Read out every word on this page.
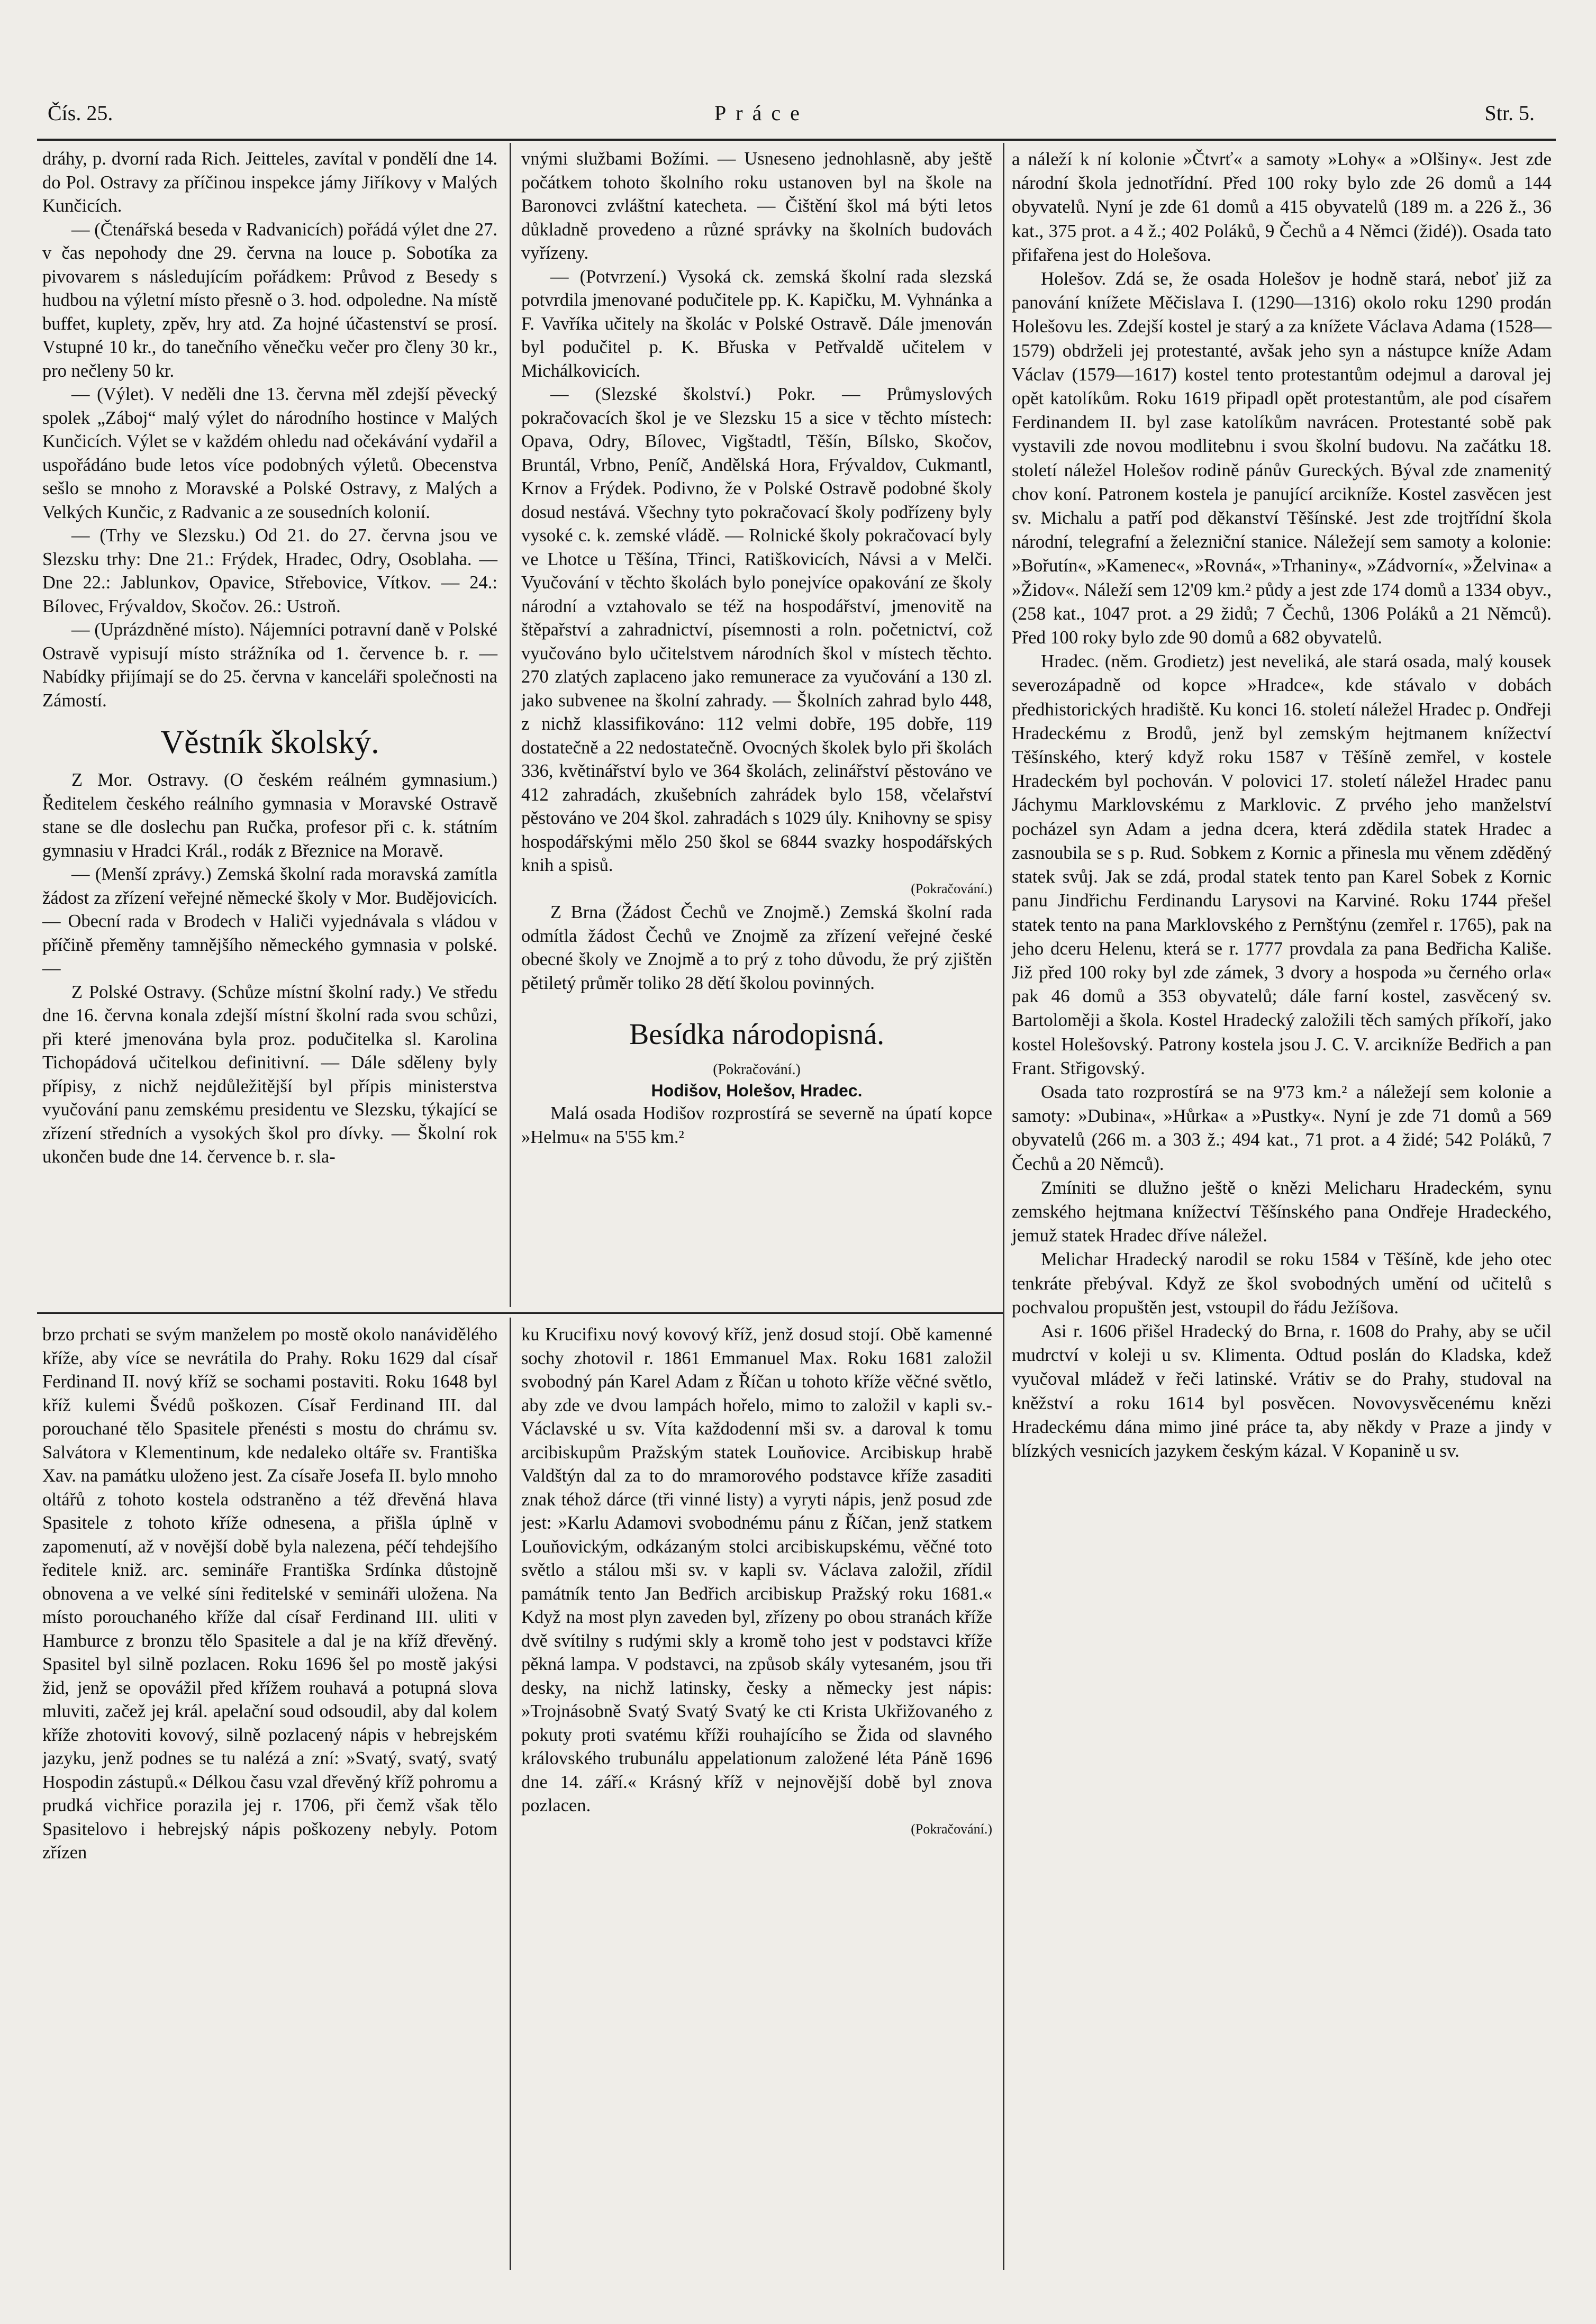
Čís. 25.	Práce	Str. 5.

dráhy, p. dvorní rada Rich. Jeitteles, zavítal v pondělí dne 14. do Pol. Ostravy za příčinou inspekce jámy Jiříkovy v Malých Kunčicích.

— (Čtenářská beseda v Radvanicích) pořádá výlet dne 27. v čas nepohody dne 29. června na louce p. Sobotíka za pivovarem s následujícím pořádkem: Průvod z Besedy s hudbou na výletní místo přesně o 3. hod. odpoledne. Na místě buffet, kuplety, zpěv, hry atd. Za hojné účastenství se prosí. Vstupné 10 kr., do tanečního věnečku večer pro členy 30 kr., pro nečleny 50 kr.

— (Výlet). V neděli dne 13. června měl zdejší pěvecký spolek „Záboj“ malý výlet do národního hostince v Malých Kunčicích. Výlet se v každém ohledu nad očekávání vydařil a uspořádáno bude letos více podobných výletů. Obecenstva sešlo se mnoho z Moravské a Polské Ostravy, z Malých a Velkých Kunčic, z Radvanic a ze sousedních kolonií.

— (Trhy ve Slezsku.) Od 21. do 27. června jsou ve Slezsku trhy: Dne 21.: Frýdek, Hradec, Odry, Osoblaha. — Dne 22.: Jablunkov, Opavice, Střebovice, Vítkov. — 24.: Bílovec, Frývaldov, Skočov. 26.: Ustroň.

— (Uprázdněné místo). Nájemníci potravní daně v Polské Ostravě vypisují místo strážníka od 1. července b. r. — Nabídky přijímají se do 25. června v kanceláři společnosti na Zámostí.

Věstník školský.

Z Mor. Ostravy. (O českém reálném gymnasium.) Ředitelem českého reálního gymnasia v Moravské Ostravě stane se dle doslechu pan Ručka, profesor při c. k. státním gymnasiu v Hradci Král., rodák z Březnice na Moravě.

— (Menší zprávy.) Zemská školní rada moravská zamítla žádost za zřízení veřejné německé školy v Mor. Budějovicích. — Obecní rada v Brodech v Haliči vyjednávala s vládou v příčině přeměny tamnějšího německého gymnasia v polské. —

Z Polské Ostravy. (Schůze místní školní rady.) Ve středu dne 16. června konala zdejší místní školní rada svou schůzi, při které jmenována byla proz. podučitelka sl. Karolina Tichopádová učitelkou definitivní. — Dále sděleny byly přípisy, z nichž nejdůležitější byl přípis ministerstva vyučování panu zemskému presidentu ve Slezsku, týkající se zřízení středních a vysokých škol pro dívky. — Školní rok ukončen bude dne 14. července b. r. sla-

vnými službami Božími. — Usneseno jednohlasně, aby ještě počátkem tohoto školního roku ustanoven byl na škole na Baronovci zvláštní katecheta. — Čištění škol má býti letos důkladně provedeno a různé správky na školních budovách vyřízeny.

— (Potvrzení.) Vysoká ck. zemská školní rada slezská potvrdila jmenované podučitele pp. K. Kapičku, M. Vyhnánka a F. Vavříka učitely na školác v Polské Ostravě. Dále jmenován byl podučitel p. K. Břuska v Petřvaldě učitelem v Michálkovicích.

— (Slezské školství.) Pokr. — Průmyslových pokračovacích škol je ve Slezsku 15 a sice v těchto místech: Opava, Odry, Bílovec, Vigštadtl, Těšín, Bílsko, Skočov, Bruntál, Vrbno, Peníč, Andělská Hora, Frývaldov, Cukmantl, Krnov a Frýdek. Podivno, že v Polské Ostravě podobné školy dosud nestává. Všechny tyto pokračovací školy podřízeny byly vysoké c. k. zemské vládě. — Rolnické školy pokračovací byly ve Lhotce u Těšína, Třinci, Ratiškovicích, Návsi a v Melči. Vyučování v těchto školách bylo ponejvíce opakování ze školy národní a vztahovalo se též na hospodářství, jmenovitě na štěpařství a zahradnictví, písemnosti a roln. početnictví, což vyučováno bylo učitelstvem národních škol v místech těchto. 270 zlatých zaplaceno jako remunerace za vyučování a 130 zl. jako subvenee na školní zahrady. — Školních zahrad bylo 448, z nichž klassifikováno: 112 velmi dobře, 195 dobře, 119 dostatečně a 22 nedostatečně. Ovocných školek bylo při školách 336, květinářství bylo ve 364 školách, zelinářství pěstováno ve 412 zahradách, zkušebních zahrádek bylo 158, včelařství pěstováno ve 204 škol. zahradách s 1029 úly. Knihovny se spisy hospodářskými mělo 250 škol se 6844 svazky hospodářských knih a spisů.

(Pokračování.)

Z Brna (Žádost Čechů ve Znojmě.) Zemská školní rada odmítla žádost Čechů ve Znojmě za zřízení veřejné české obecné školy ve Znojmě a to prý z toho důvodu, že prý zjištěn pětiletý průměr toliko 28 dětí školou povinných.

Besídka národopisná.

(Pokračování.)

Hodišov, Holešov, Hradec.

Malá osada Hodišov rozprostírá se severně na úpatí kopce »Helmu« na 5'55 km.²

a náleží k ní kolonie »Čtvrť« a samoty »Lohy« a »Olšiny«. Jest zde národní škola jednotřídní. Před 100 roky bylo zde 26 domů a 144 obyvatelů. Nyní je zde 61 domů a 415 obyvatelů (189 m. a 226 ž., 36 kat., 375 prot. a 4 ž.; 402 Poláků, 9 Čechů a 4 Němci (židé)). Osada tato přifařena jest do Holešova.

Holešov. Zdá se, že osada Holešov je hodně stará, neboť již za panování knížete Měčislava I. (1290—1316) okolo roku 1290 prodán Holešovu les. Zdejší kostel je starý a za knížete Václava Adama (1528—1579) obdrželi jej protestanté, avšak jeho syn a nástupce kníže Adam Václav (1579—1617) kostel tento protestantům odejmul a daroval jej opět katolíkům. Roku 1619 připadl opět protestantům, ale pod císařem Ferdinandem II. byl zase katolíkům navrácen. Protestanté sobě pak vystavili zde novou modlitebnu i svou školní budovu. Na začátku 18. století náležel Holešov rodině pánův Gureckých. Býval zde znamenitý chov koní. Patronem kostela je panující arcikníže. Kostel zasvěcen jest sv. Michalu a patří pod děkanství Těšínské. Jest zde trojtřídní škola národní, telegrafní a železniční stanice. Náležejí sem samoty a kolonie: »Bořutín«, »Kamenec«, »Rovná«, »Trhaniny«, »Zádvorní«, »Želvina« a »Židov«. Náleží sem 12'09 km.² půdy a jest zde 174 domů a 1334 obyv., (258 kat., 1047 prot. a 29 židů; 7 Čechů, 1306 Poláků a 21 Němců). Před 100 roky bylo zde 90 domů a 682 obyvatelů.

Hradec. (něm. Grodietz) jest neveliká, ale stará osada, malý kousek severozápadně od kopce »Hradce«, kde stávalo v dobách předhistorických hradiště. Ku konci 16. století náležel Hradec p. Ondřeji Hradeckému z Brodů, jenž byl zemským hejtmanem knížectví Těšínského, který když roku 1587 v Těšíně zemřel, v kostele Hradeckém byl pochován. V polovici 17. století náležel Hradec panu Jáchymu Marklovskému z Marklovic. Z prvého jeho manželství pocházel syn Adam a jedna dcera, která zdědila statek Hradec a zasnoubila se s p. Rud. Sobkem z Kornic a přinesla mu věnem zděděný statek svůj. Jak se zdá, prodal statek tento pan Karel Sobek z Kornic panu Jindřichu Ferdinandu Larysovi na Karviné. Roku 1744 přešel statek tento na pana Marklovského z Pernštýnu (zemřel r. 1765), pak na jeho dceru Helenu, která se r. 1777 provdala za pana Bedřicha Kališe. Již před 100 roky byl zde zámek, 3 dvory a hospoda »u černého orla« pak 46 domů a 353 obyvatelů; dále farní kostel, zasvěcený sv. Bartoloměji a škola. Kostel Hradecký založili těch samých příkoří, jako kostel Holešovský. Patrony kostela jsou J. C. V. arcikníže Bedřich a pan Frant. Střigovský.

Osada tato rozprostírá se na 9'73 km.² a náležejí sem kolonie a samoty: »Dubina«, »Hůrka« a »Pustky«. Nyní je zde 71 domů a 569 obyvatelů (266 m. a 303 ž.; 494 kat., 71 prot. a 4 židé; 542 Poláků, 7 Čechů a 20 Němců).

Zmíniti se dlužno ještě o knězi Melicharu Hradeckém, synu zemského hejtmana knížectví Těšínského pana Ondřeje Hradeckého, jemuž statek Hradec dříve náležel.

Melichar Hradecký narodil se roku 1584 v Těšíně, kde jeho otec tenkráte přebýval. Když ze škol svobodných umění od učitelů s pochvalou propuštěn jest, vstoupil do řádu Ježíšova.

Asi r. 1606 přišel Hradecký do Brna, r. 1608 do Prahy, aby se učil mudrctví v koleji u sv. Klimenta. Odtud poslán do Kladska, kdež vyučoval mládež v řeči latinské. Vrátiv se do Prahy, studoval na kněžství a roku 1614 byl posvěcen. Novovysvěcenému knězi Hradeckému dána mimo jiné práce ta, aby někdy v Praze a jindy v blízkých vesnicích jazykem českým kázal. V Kopanině u sv.

brzo prchati se svým manželem po mostě okolo nanávidělého kříže, aby více se nevrátila do Prahy. Roku 1629 dal císař Ferdinand II. nový kříž se sochami postaviti. Roku 1648 byl kříž kulemi Švédů poškozen. Císař Ferdinand III. dal porouchané tělo Spasitele přenésti s mostu do chrámu sv. Salvátora v Klementinum, kde nedaleko oltáře sv. Františka Xav. na památku uloženo jest. Za císaře Josefa II. bylo mnoho oltářů z tohoto kostela odstraněno a též dřevěná hlava Spasitele z tohoto kříže odnesena, a přišla úplně v zapomenutí, až v novější době byla nalezena, péčí tehdejšího ředitele kniž. arc. semináře Františka Srdínka důstojně obnovena a ve velké síni ředitelské v semináři uložena. Na místo porouchaného kříže dal císař Ferdinand III. uliti v Hamburce z bronzu tělo Spasitele a dal je na kříž dřevěný. Spasitel byl silně pozlacen. Roku 1696 šel po mostě jakýsi žid, jenž se opovážil před křížem rouhavá a potupná slova mluviti, začež jej král. apelační soud odsoudil, aby dal kolem kříže zhotoviti kovový, silně pozlacený nápis v hebrejském jazyku, jenž podnes se tu nalézá a zní: »Svatý, svatý, svatý Hospodin zástupů.« Délkou času vzal dřevěný kříž pohromu a prudká vichřice porazila jej r. 1706, při čemž však tělo Spasitelovo i hebrejský nápis poškozeny nebyly. Potom zřízen

ku Krucifixu nový kovový kříž, jenž dosud stojí. Obě kamenné sochy zhotovil r. 1861 Emmanuel Max. Roku 1681 založil svobodný pán Karel Adam z Říčan u tohoto kříže věčné světlo, aby zde ve dvou lampách hořelo, mimo to založil v kapli sv.-Václavské u sv. Víta každodenní mši sv. a daroval k tomu arcibiskupům Pražským statek Louňovice. Arcibiskup hrabě Valdštýn dal za to do mramorového podstavce kříže zasaditi znak téhož dárce (tři vinné listy) a vyryti nápis, jenž posud zde jest: »Karlu Adamovi svobodnému pánu z Říčan, jenž statkem Louňovickým, odkázaným stolci arcibiskupskému, věčné toto světlo a stálou mši sv. v kapli sv. Václava založil, zřídil památník tento Jan Bedřich arcibiskup Pražský roku 1681.« Když na most plyn zaveden byl, zřízeny po obou stranách kříže dvě svítilny s rudými skly a kromě toho jest v podstavci kříže pěkná lampa. V podstavci, na způsob skály vytesaném, jsou tři desky, na nichž latinsky, česky a německy jest nápis: »Trojnásobně Svatý Svatý Svatý ke cti Krista Ukřižovaného z pokuty proti svatému kříži rouhajícího se Žida od slavného královského trubunálu appelationum založené léta Páně 1696 dne 14. září.« Krásný kříž v nejnovější době byl znova pozlacen.

(Pokračování.)
